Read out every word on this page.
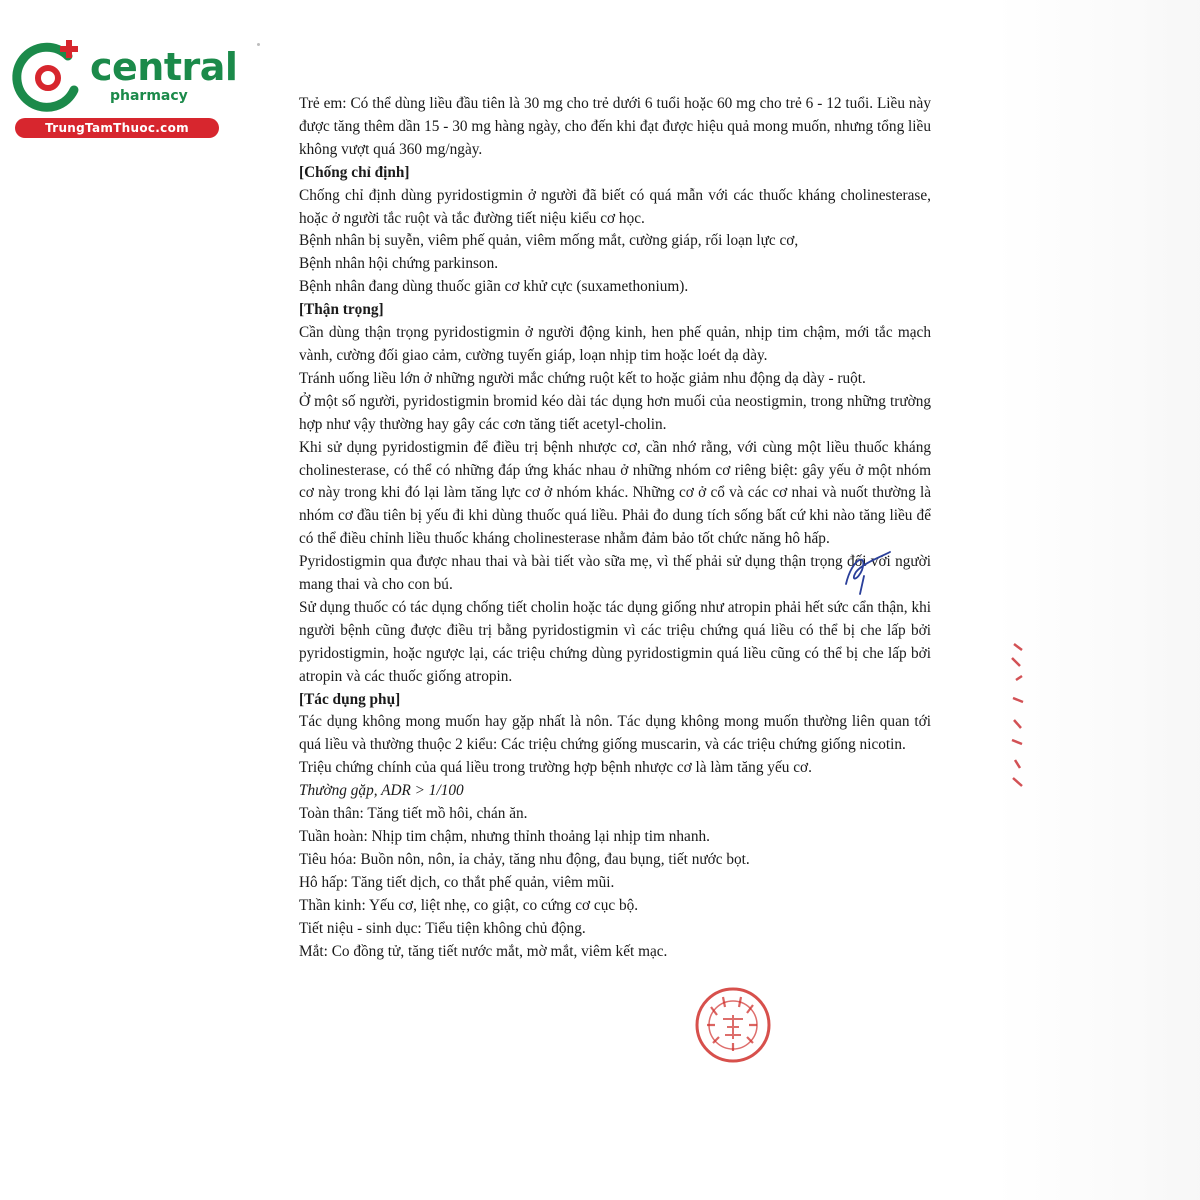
central
pharmacy
TrungTamThuoc.com

Trẻ em: Có thể dùng liều đầu tiên là 30 mg cho trẻ dưới 6 tuổi hoặc 60 mg cho trẻ 6 - 12 tuổi. Liều này được tăng thêm dần 15 - 30 mg hàng ngày, cho đến khi đạt được hiệu quả mong muốn, nhưng tổng liều không vượt quá 360 mg/ngày.

[Chống chỉ định]

Chống chỉ định dùng pyridostigmin ở người đã biết có quá mẫn với các thuốc kháng cholinesterase, hoặc ở người tắc ruột và tắc đường tiết niệu kiểu cơ học.

Bệnh nhân bị suyễn, viêm phế quản, viêm mống mắt, cường giáp, rối loạn lực cơ,

Bệnh nhân hội chứng parkinson.

Bệnh nhân đang dùng thuốc giãn cơ khử cực (suxamethonium).

[Thận trọng]

Cần dùng thận trọng pyridostigmin ở người động kinh, hen phế quản, nhịp tim chậm, mới tắc mạch vành, cường đối giao cảm, cường tuyến giáp, loạn nhịp tim hoặc loét dạ dày.

Tránh uống liều lớn ở những người mắc chứng ruột kết to hoặc giảm nhu động dạ dày - ruột.

Ở một số người, pyridostigmin bromid kéo dài tác dụng hơn muối của neostigmin, trong những trường hợp như vậy thường hay gây các cơn tăng tiết acetyl-cholin.

Khi sử dụng pyridostigmin để điều trị bệnh nhược cơ, cần nhớ rằng, với cùng một liều thuốc kháng cholinesterase, có thể có những đáp ứng khác nhau ở những nhóm cơ riêng biệt: gây yếu ở một nhóm cơ này trong khi đó lại làm tăng lực cơ ở nhóm khác. Những cơ ở cổ và các cơ nhai và nuốt thường là nhóm cơ đầu tiên bị yếu đi khi dùng thuốc quá liều. Phải đo dung tích sống bất cứ khi nào tăng liều để có thể điều chỉnh liều thuốc kháng cholinesterase nhằm đảm bảo tốt chức năng hô hấp.

Pyridostigmin qua được nhau thai và bài tiết vào sữa mẹ, vì thế phải sử dụng thận trọng đối với người mang thai và cho con bú.

Sử dụng thuốc có tác dụng chống tiết cholin hoặc tác dụng giống như atropin phải hết sức cẩn thận, khi người bệnh cũng được điều trị bằng pyridostigmin vì các triệu chứng quá liều có thể bị che lấp bởi pyridostigmin, hoặc ngược lại, các triệu chứng dùng pyridostigmin quá liều cũng có thể bị che lấp bởi atropin và các thuốc giống atropin.

[Tác dụng phụ]

Tác dụng không mong muốn hay gặp nhất là nôn. Tác dụng không mong muốn thường liên quan tới quá liều và thường thuộc 2 kiểu: Các triệu chứng giống muscarin, và các triệu chứng giống nicotin.

Triệu chứng chính của quá liều trong trường hợp bệnh nhược cơ là làm tăng yếu cơ.

Thường gặp, ADR > 1/100

Toàn thân: Tăng tiết mồ hôi, chán ăn.

Tuần hoàn: Nhịp tim chậm, nhưng thỉnh thoảng lại nhịp tim nhanh.

Tiêu hóa: Buồn nôn, nôn, ỉa chảy, tăng nhu động, đau bụng, tiết nước bọt.

Hô hấp: Tăng tiết dịch, co thắt phế quản, viêm mũi.

Thần kinh: Yếu cơ, liệt nhẹ, co giật, co cứng cơ cục bộ.

Tiết niệu - sinh dục: Tiểu tiện không chủ động.

Mắt: Co đồng tử, tăng tiết nước mắt, mờ mắt, viêm kết mạc.
